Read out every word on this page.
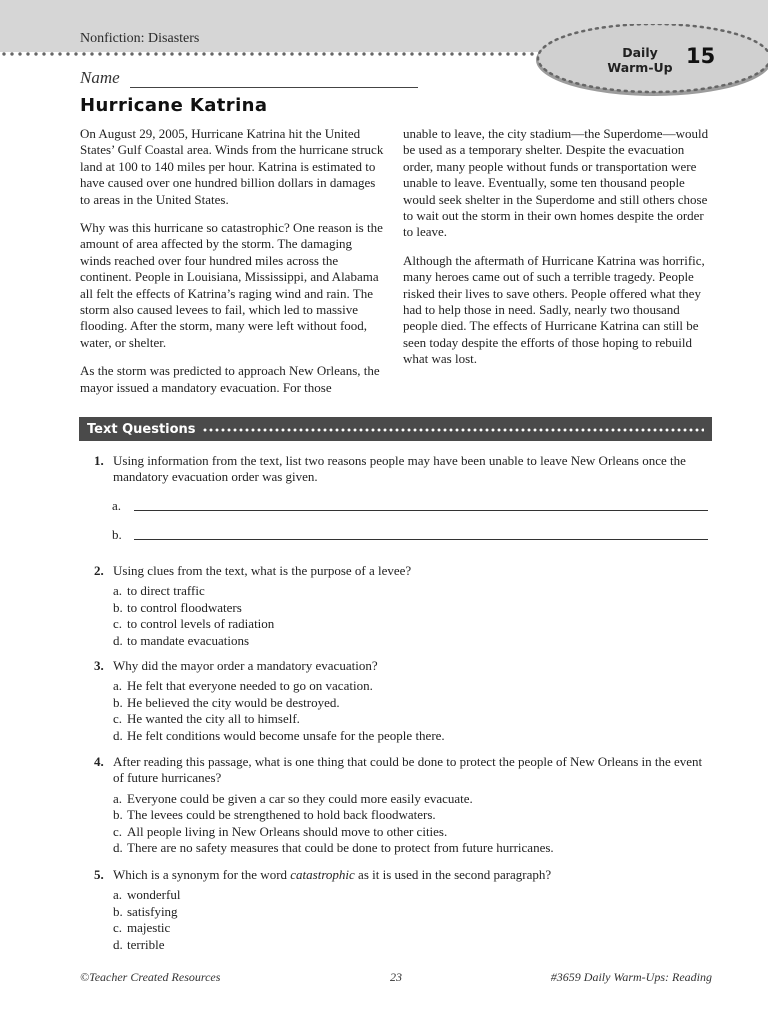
Nonfiction: Disasters
Daily
Warm-Up 15
Name
Hurricane Katrina

On August 29, 2005, Hurricane Katrina hit the United States’ Gulf Coastal area. Winds from the hurricane struck land at 100 to 140 miles per hour. Katrina is estimated to have caused over one hundred billion dollars in damages to areas in the United States.

Why was this hurricane so catastrophic? One reason is the amount of area affected by the storm. The damaging winds reached over four hundred miles across the continent. People in Louisiana, Mississippi, and Alabama all felt the effects of Katrina’s raging wind and rain. The storm also caused levees to fail, which led to massive flooding. After the storm, many were left without food, water, or shelter.

As the storm was predicted to approach New Orleans, the mayor issued a mandatory evacuation. For those

unable to leave, the city stadium—the Superdome—would be used as a temporary shelter. Despite the evacuation order, many people without funds or transportation were unable to leave. Eventually, some ten thousand people would seek shelter in the Superdome and still others chose to wait out the storm in their own homes despite the order to leave.

Although the aftermath of Hurricane Katrina was horrific, many heroes came out of such a terrible tragedy. People risked their lives to save others. People offered what they had to help those in need. Sadly, nearly two thousand people died. The effects of Hurricane Katrina can still be seen today despite the efforts of those hoping to rebuild what was lost.

Text Questions
1. Using information from the text, list two reasons people may have been unable to leave New Orleans once the mandatory evacuation order was given.
a.
b.
2. Using clues from the text, what is the purpose of a levee?
a. to direct traffic
b. to control floodwaters
c. to control levels of radiation
d. to mandate evacuations
3. Why did the mayor order a mandatory evacuation?
a. He felt that everyone needed to go on vacation.
b. He believed the city would be destroyed.
c. He wanted the city all to himself.
d. He felt conditions would become unsafe for the people there.
4. After reading this passage, what is one thing that could be done to protect the people of New Orleans in the event of future hurricanes?
a. Everyone could be given a car so they could more easily evacuate.
b. The levees could be strengthened to hold back floodwaters.
c. All people living in New Orleans should move to other cities.
d. There are no safety measures that could be done to protect from future hurricanes.
5. Which is a synonym for the word catastrophic as it is used in the second paragraph?
a. wonderful
b. satisfying
c. majestic
d. terrible
©Teacher Created Resources	23	#3659 Daily Warm-Ups: Reading
